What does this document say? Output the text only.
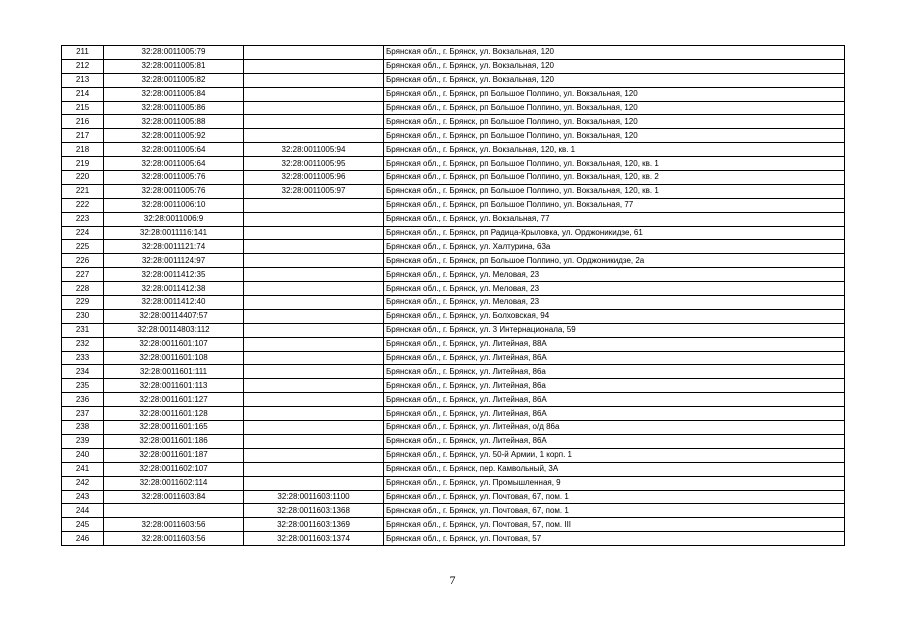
211	32:28:0011005:79		Брянская обл., г. Брянск, ул. Вокзальная, 120
212	32:28:0011005:81		Брянская обл., г. Брянск, ул. Вокзальная, 120
213	32:28:0011005:82		Брянская обл., г. Брянск, ул. Вокзальная, 120
214	32:28:0011005:84		Брянская обл., г. Брянск, рп Большое Полпино, ул. Вокзальная, 120
215	32:28:0011005:86		Брянская обл., г. Брянск, рп Большое Полпино, ул. Вокзальная, 120
216	32:28:0011005:88		Брянская обл., г. Брянск, рп Большое Полпино, ул. Вокзальная, 120
217	32:28:0011005:92		Брянская обл., г. Брянск, рп Большое Полпино, ул. Вокзальная, 120
218	32:28:0011005:64	32:28:0011005:94	Брянская обл., г. Брянск, ул. Вокзальная, 120, кв. 1
219	32:28:0011005:64	32:28:0011005:95	Брянская обл., г. Брянск, рп Большое Полпино, ул. Вокзальная, 120, кв. 1
220	32:28:0011005:76	32:28:0011005:96	Брянская обл., г. Брянск, рп Большое Полпино, ул. Вокзальная, 120, кв. 2
221	32:28:0011005:76	32:28:0011005:97	Брянская обл., г. Брянск, рп Большое Полпино, ул. Вокзальная, 120, кв. 1
222	32:28:0011006:10		Брянская обл., г. Брянск, рп Большое Полпино, ул. Вокзальная, 77
223	32:28:0011006:9		Брянская обл., г. Брянск, ул. Вокзальная, 77
224	32:28:0011116:141		Брянская обл., г. Брянск, рп Радица-Крыловка, ул. Орджоникидзе, 61
225	32:28:0011121:74		Брянская обл., г. Брянск, ул. Халтурина, 63а
226	32:28:0011124:97		Брянская обл., г. Брянск, рп Большое Полпино, ул. Орджоникидзе, 2а
227	32:28:0011412:35		Брянская обл., г. Брянск, ул. Меловая, 23
228	32:28:0011412:38		Брянская обл., г. Брянск, ул. Меловая, 23
229	32:28:0011412:40		Брянская обл., г. Брянск, ул. Меловая, 23
230	32:28:00114407:57		Брянская обл., г. Брянск, ул. Болховская, 94
231	32:28:00114803:112		Брянская обл., г. Брянск, ул. 3 Интернационала, 59
232	32:28:0011601:107		Брянская обл., г. Брянск, ул. Литейная, 88А
233	32:28:0011601:108		Брянская обл., г. Брянск, ул. Литейная, 86А
234	32:28:0011601:111		Брянская обл., г. Брянск, ул. Литейная, 86а
235	32:28:0011601:113		Брянская обл., г. Брянск, ул. Литейная, 86а
236	32:28:0011601:127		Брянская обл., г. Брянск, ул. Литейная, 86А
237	32:28:0011601:128		Брянская обл., г. Брянск, ул. Литейная, 86А
238	32:28:0011601:165		Брянская обл., г. Брянск, ул. Литейная, о/д 86а
239	32:28:0011601:186		Брянская обл., г. Брянск, ул. Литейная, 86А
240	32:28:0011601:187		Брянская обл., г. Брянск, ул. 50-й Армии, 1 корп. 1
241	32:28:0011602:107		Брянская обл., г. Брянск, пер. Камвольный, 3А
242	32:28:0011602:114		Брянская обл., г. Брянск, ул. Промышленная, 9
243	32:28:0011603:84	32:28:0011603:1100	Брянская обл., г. Брянск, ул. Почтовая, 67, пом. 1
244		32:28:0011603:1368	Брянская обл., г. Брянск, ул. Почтовая, 67, пом. 1
245	32:28:0011603:56	32:28:0011603:1369	Брянская обл., г. Брянск, ул. Почтовая, 57, пом. III
246	32:28:0011603:56	32:28:0011603:1374	Брянская обл., г. Брянск, ул. Почтовая, 57
7
